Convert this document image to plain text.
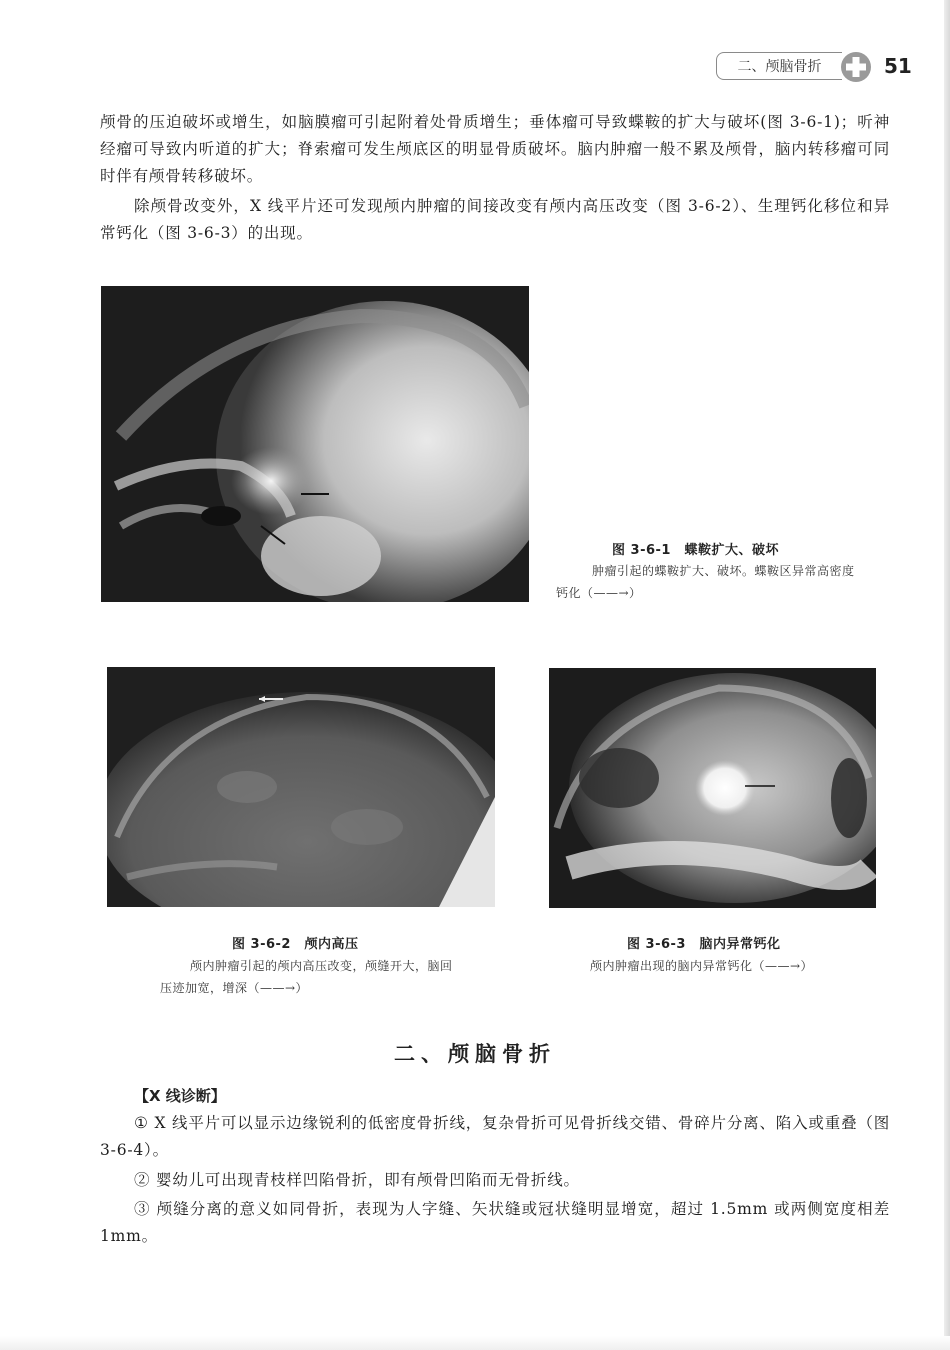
二、颅脑骨折	51

颅骨的压迫破坏或增生，如脑膜瘤可引起附着处骨质增生；垂体瘤可导致蝶鞍的扩大与破坏(图 3-6-1)；听神经瘤可导致内听道的扩大；脊索瘤可发生颅底区的明显骨质破坏。脑内肿瘤一般不累及颅骨，脑内转移瘤可同时伴有颅骨转移破坏。

除颅骨改变外，X 线平片还可发现颅内肿瘤的间接改变有颅内高压改变（图 3-6-2）、生理钙化移位和异常钙化（图 3-6-3）的出现。

图 3-6-1　蝶鞍扩大、破坏
肿瘤引起的蝶鞍扩大、破坏。蝶鞍区异常高密度钙化（——→）
图 3-6-2　颅内高压
颅内肿瘤引起的颅内高压改变，颅缝开大，脑回压迹加宽，增深（——→）
图 3-6-3　脑内异常钙化
颅内肿瘤出现的脑内异常钙化（——→）
二、颅脑骨折
【X 线诊断】

① X 线平片可以显示边缘锐利的低密度骨折线，复杂骨折可见骨折线交错、骨碎片分离、陷入或重叠（图 3-6-4）。

② 婴幼儿可出现青枝样凹陷骨折，即有颅骨凹陷而无骨折线。

③ 颅缝分离的意义如同骨折，表现为人字缝、矢状缝或冠状缝明显增宽，超过 1.5mm 或两侧宽度相差 1mm。
